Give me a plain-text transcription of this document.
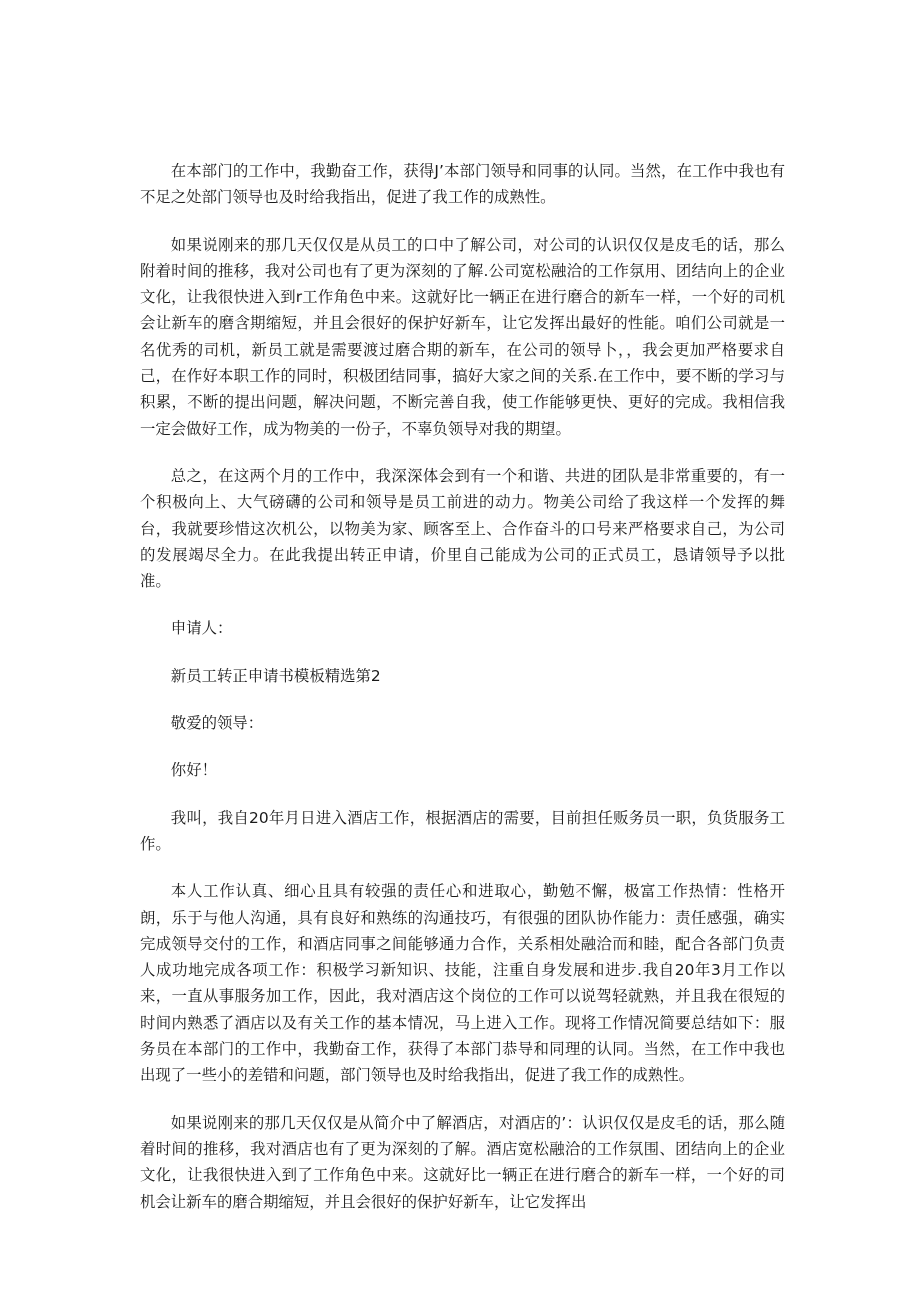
在本部门的工作中，我勤奋工作，获得J’本部门领导和同事的认同。当然，在工作中我也有不足之处部门领导也及时给我指出，促进了我工作的成熟性。

如果说刚来的那几天仅仅是从员工的口中了解公司，对公司的认识仅仅是皮毛的话，那么附着时间的推移，我对公司也有了更为深刻的了解.公司宽松融洽的工作氛用、团结向上的企业文化，让我很快进入到r工作角色中来。这就好比一辆正在进行磨合的新车一样，一个好的司机会让新车的磨含期缩短，并且会很好的保护好新车，让它发挥出最好的性能。咱们公司就是一名优秀的司机，新员工就是需要渡过磨合期的新车，在公司的领导卜，，我会更加严格要求自己，在作好本职工作的同时，积极团结同事，搞好大家之间的关系.在工作中，要不断的学习与积累，不断的提出问题，解决问题，不断完善自我，使工作能够更快、更好的完成。我相信我一定会做好工作，成为物美的一份子，不辜负领导对我的期望。

总之，在这两个月的工作中，我深深体会到有一个和谐、共进的团队是非常重要的，有一个积极向上、大气磅礴的公司和领导是员工前进的动力。物美公司给了我这样一个发挥的舞台，我就要珍惜这次机公，以物美为家、顾客至上、合作奋斗的口号来严格要求自己，为公司的发展竭尽全力。在此我提出转正申请，价里自己能成为公司的正式员工，恳请领导予以批准。

申请人：

新员工转正申请书模板精选第2

敬爱的领导：

你好！

我叫，我自20年月日进入酒店工作，根据酒店的需要，目前担任贩务员一职，负货服务工作。

本人工作认真、细心且具有较强的责任心和进取心，勤勉不懈，极富工作热情：性格开朗，乐于与他人沟通，具有良好和熟练的沟通技巧，有很强的团队协作能力：责任感强，确实完成领导交付的工作，和酒店同事之间能够通力合作，关系相处融洽而和睦，配合各部门负责人成功地完成各项工作：积极学习新知识、技能，注重自身发展和进步.我自20年3月工作以来，一直从事服务加工作，因此，我对酒店这个岗位的工作可以说驾轻就熟，并且我在很短的时间内熟悉了酒店以及有关工作的基本情况，马上进入工作。现将工作情况简要总结如下：服务员在本部门的工作中，我勤奋工作，获得了本部门恭导和同理的认同。当然，在工作中我也出现了一些小的差错和问题，部门领导也及时给我指出，促进了我工作的成熟性。

如果说刚来的那几天仅仅是从简介中了解酒店，对酒店的’：认识仅仅是皮毛的话，那么随着时间的推移，我对酒店也有了更为深刻的了解。酒店宽松融洽的工作氛围、团结向上的企业文化，让我很快进入到了工作角色中来。这就好比一辆正在进行磨合的新车一样，一个好的司机会让新车的磨合期缩短，并且会很好的保护好新车，让它发挥出
